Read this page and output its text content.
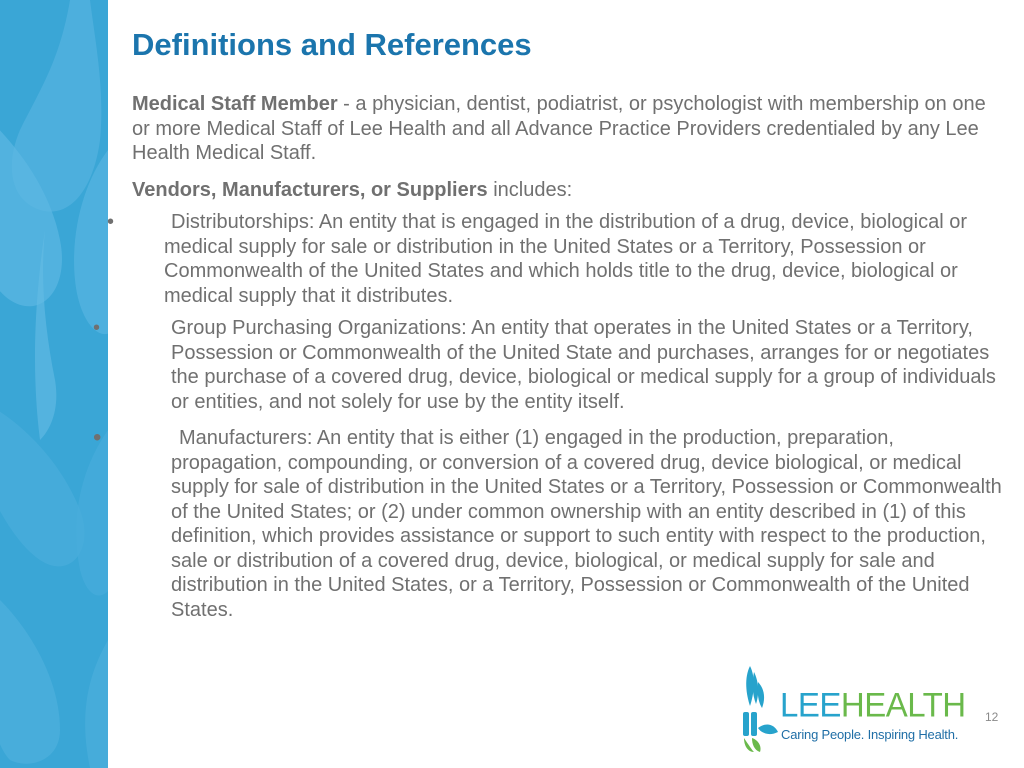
Definitions and References

Medical Staff Member - a physician, dentist, podiatrist, or psychologist with membership on one or more Medical Staff of Lee Health and all Advance Practice Providers credentialed by any Lee Health Medical Staff.

Vendors, Manufacturers, or Suppliers includes:

•	Distributorships: An entity that is engaged in the distribution of a drug, device, biological or medical supply for sale or distribution in the United States or a Territory, Possession or Commonwealth of the United States and which holds title to the drug, device, biological or medical supply that it distributes.
•	Group Purchasing Organizations: An entity that operates in the United States or a Territory, Possession or Commonwealth of the United State and purchases, arranges for or negotiates the purchase of a covered drug, device, biological or medical supply for a group of individuals or entities, and not solely for use by the entity itself.
•	Manufacturers: An entity that is either (1) engaged in the production, preparation, propagation, compounding, or conversion of a covered drug, device biological, or medical supply for sale of distribution in the United States or a Territory, Possession or Commonwealth of the United States; or (2) under common ownership with an entity described in (1) of this definition, which provides assistance or support to such entity with respect to the production, sale or distribution of a covered drug, device, biological, or medical supply for sale and distribution in the United States, or a Territory, Possession or Commonwealth of the United States.
LEEHEALTH
Caring People. Inspiring Health.
12
